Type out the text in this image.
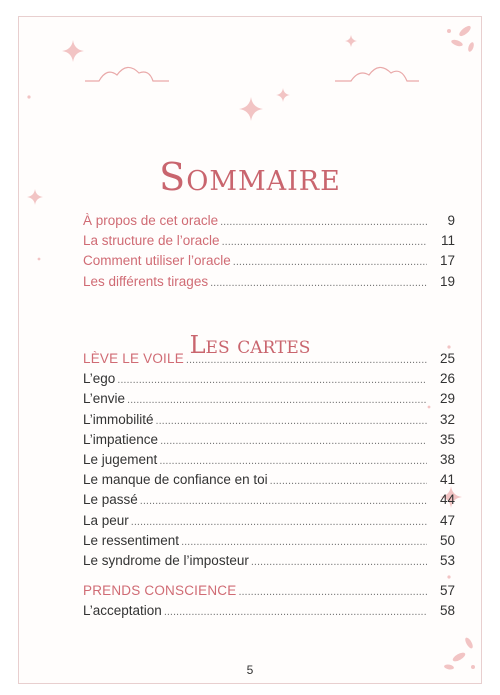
Sommaire
À propos de cet oracle .....	9
La structure de l’oracle .....	11
Comment utiliser l’oracle .....	17
Les différents tirages .....	19
Les cartes
LÈVE LE VOILE .....	25
L’ego .....	26
L’envie .....	29
L’immobilité .....	32
L’impatience .....	35
Le jugement .....	38
Le manque de confiance en toi .....	41
Le passé .....	44
La peur .....	47
Le ressentiment .....	50
Le syndrome de l’imposteur .....	53
PRENDS CONSCIENCE .....	57
L’acceptation .....	58
5
